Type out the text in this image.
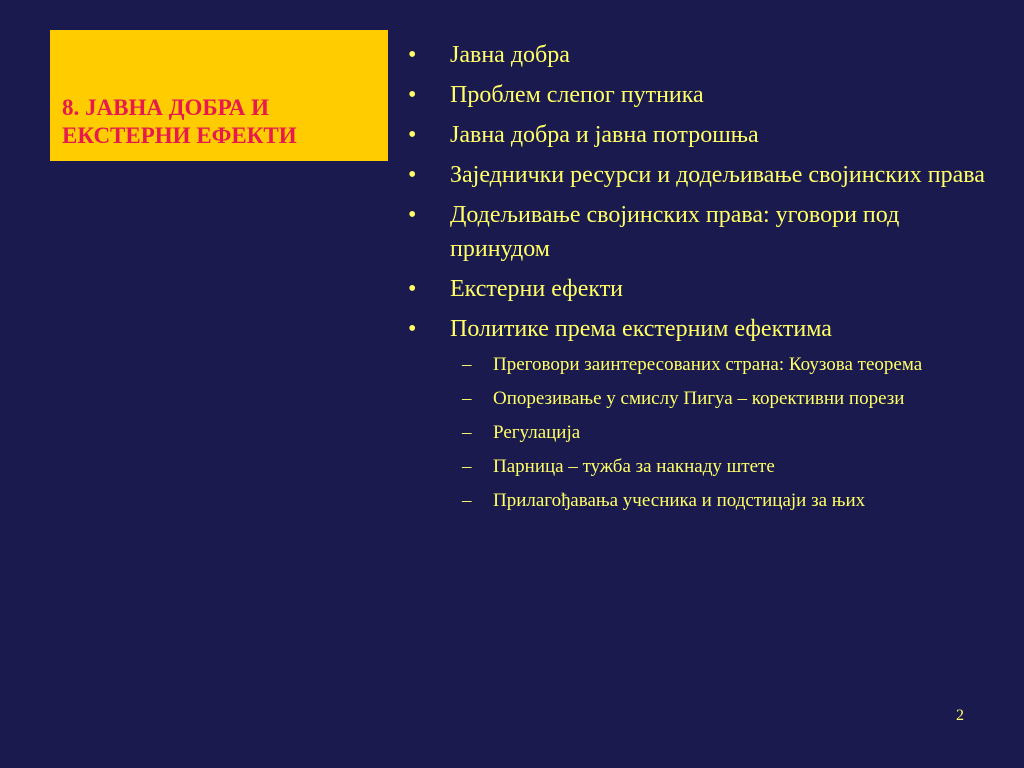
8. ЈАВНА ДОБРА И
ЕКСТЕРНИ ЕФЕКТИ
• Јавна добра
• Проблем слепог путника
• Јавна добра и јавна потрошња
• Заједнички ресурси и додељивање својинских права
• Додељивање својинских права: уговори под принудом
• Екстерни ефекти
• Политике према екстерним ефектима
– Преговори заинтересованих страна: Коузова теорема
– Опорезивање у смислу Пигуа – корективни порези
– Регулација
– Парница – тужба за накнаду штете
– Прилагођавања учесника и подстицаји за њих
2
